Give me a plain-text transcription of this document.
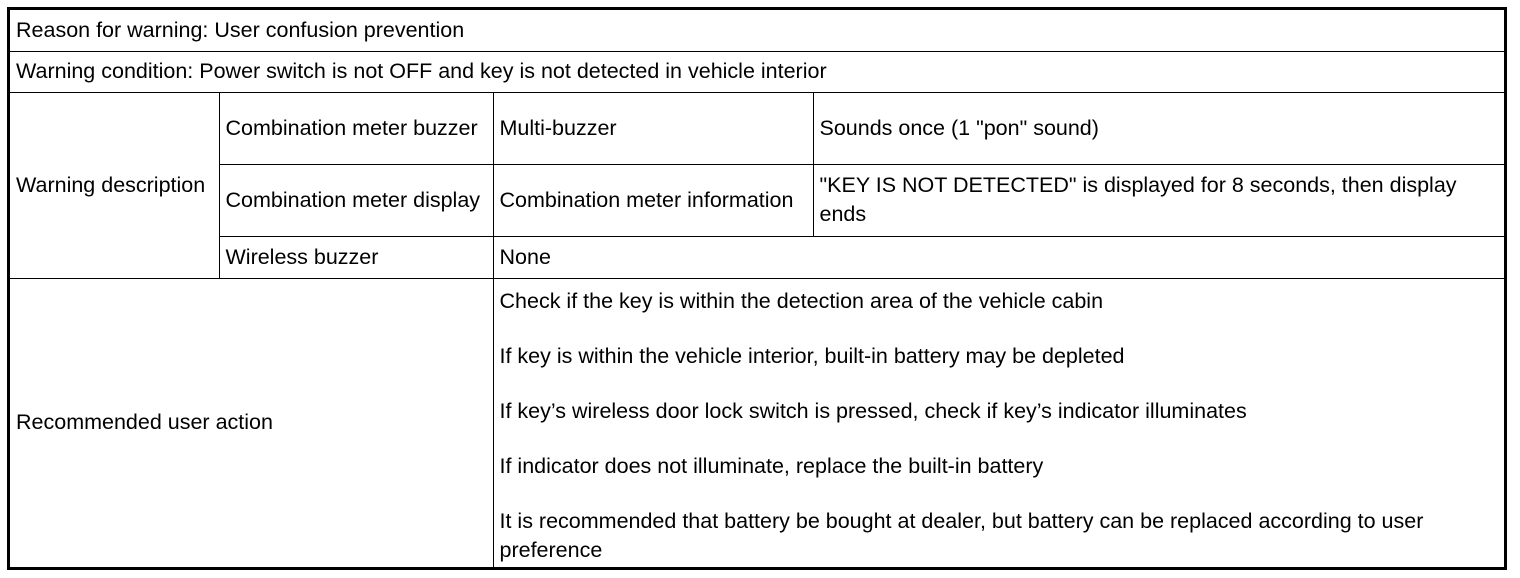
Reason for warning: User confusion prevention			
Warning condition: Power switch is not OFF and key is not detected in vehicle interior			
Warning description	Combination meter buzzer	Multi-buzzer	Sounds once (1 "pon" sound)
	Combination meter display	Combination meter information	"KEY IS NOT DETECTED" is displayed for 8 seconds, then display ends
	Wireless buzzer	None	
Recommended user action		Check if the key is within the detection area of the vehicle cabin

If key is within the vehicle interior, built-in battery may be depleted

If key’s wireless door lock switch is pressed, check if key’s indicator illuminates

If indicator does not illuminate, replace the built-in battery

It is recommended that battery be bought at dealer, but battery can be replaced according to user preference	
